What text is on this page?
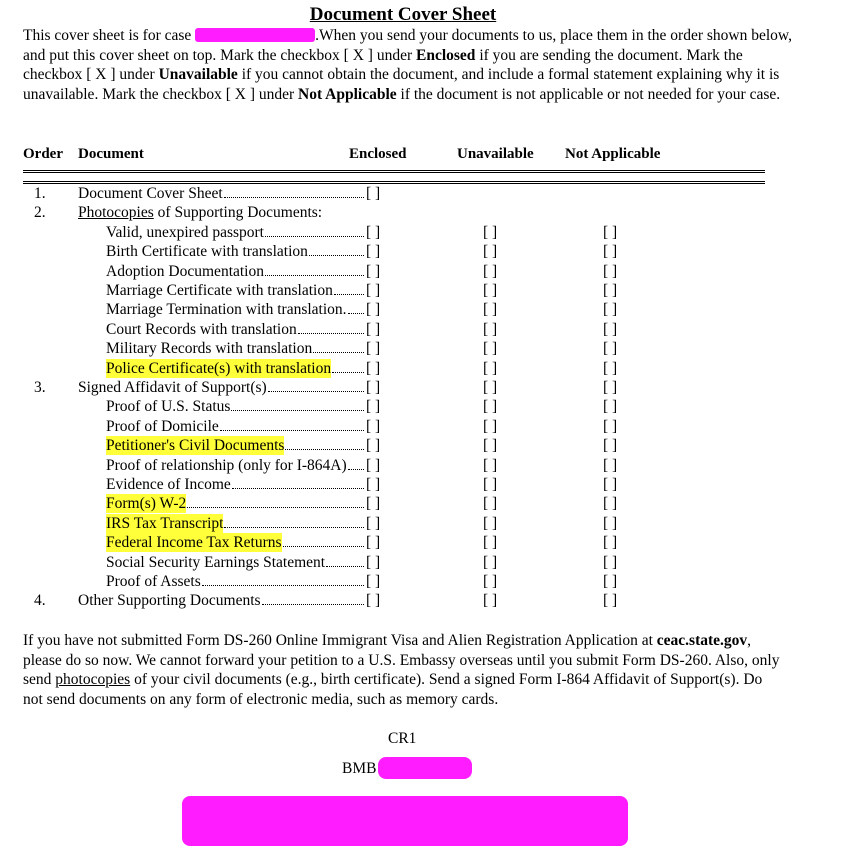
Document Cover Sheet
This cover sheet is for case	.When you send your documents to us, place them in the order shown below, and put this cover sheet on top. Mark the checkbox [ X ] under Enclosed if you are sending the document. Mark the checkbox [ X ] under Unavailable if you cannot obtain the document, and include a formal statement explaining why it is unavailable. Mark the checkbox [ X ] under Not Applicable if the document is not applicable or not needed for your case.
Order Document	Enclosed	Unavailable Not Applicable
1. Document Cover Sheet	[ ]
2. Photocopies of Supporting Documents:
Valid, unexpired passport	[ ]	[ ]	[ ]
Birth Certificate with translation	[ ]	[ ]	[ ]
Adoption Documentation	[ ]	[ ]	[ ]
Marriage Certificate with translation [ ]	[ ]	[ ]
Marriage Termination with translation. [ ]	[ ]	[ ]
Court Records with translation	[ ]	[ ]	[ ]
Military Records with translation	[ ]	[ ]	[ ]
Police Certificate(s) with translation [ ]	[ ]	[ ]
3. Signed Affidavit of Support(s)	[ ]	[ ]	[ ]
Proof of U.S. Status	[ ]	[ ]	[ ]
Proof of Domicile	[ ]	[ ]	[ ]
Petitioner's Civil Documents	[ ]	[ ]	[ ]
Proof of relationship (only for I-864A) [ ]	[ ]	[ ]
Evidence of Income	[ ]	[ ]	[ ]
Form(s) W-2	[ ]	[ ]	[ ]
IRS Tax Transcript	[ ]	[ ]	[ ]
Federal Income Tax Returns	[ ]	[ ]	[ ]
Social Security Earnings Statement	[ ]	[ ]	[ ]
Proof of Assets	[ ]	[ ]	[ ]
4. Other Supporting Documents	[ ]	[ ]	[ ]
If you have not submitted Form DS-260 Online Immigrant Visa and Alien Registration Application at ceac.state.gov, please do so now. We cannot forward your petition to a U.S. Embassy overseas until you submit Form DS-260. Also, only send photocopies of your civil documents (e.g., birth certificate). Send a signed Form I-864 Affidavit of Support(s). Do not send documents on any form of electronic media, such as memory cards.
CR1
BMB
